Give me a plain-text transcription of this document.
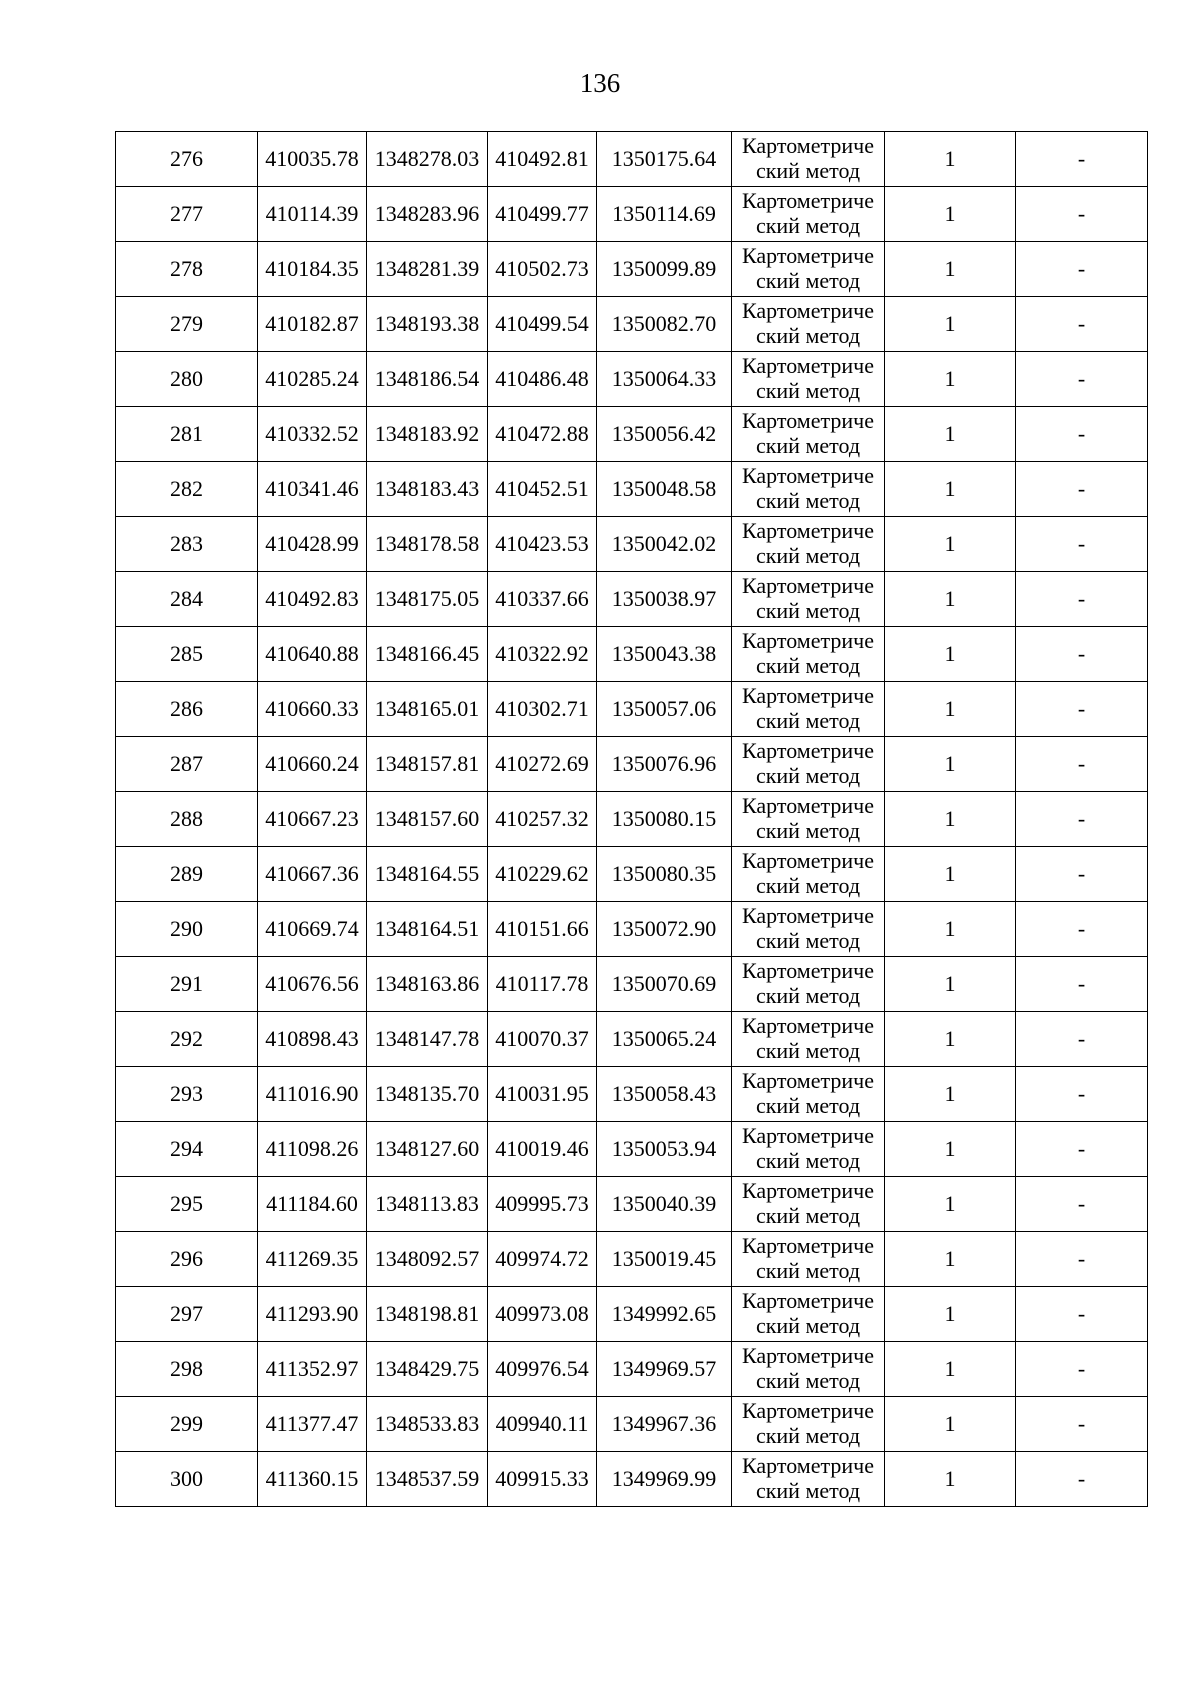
136
276	410035.78	1348278.03	410492.81	1350175.64	Картометриче
ский метод	1	-
277	410114.39	1348283.96	410499.77	1350114.69	Картометриче
ский метод	1	-
278	410184.35	1348281.39	410502.73	1350099.89	Картометриче
ский метод	1	-
279	410182.87	1348193.38	410499.54	1350082.70	Картометриче
ский метод	1	-
280	410285.24	1348186.54	410486.48	1350064.33	Картометриче
ский метод	1	-
281	410332.52	1348183.92	410472.88	1350056.42	Картометриче
ский метод	1	-
282	410341.46	1348183.43	410452.51	1350048.58	Картометриче
ский метод	1	-
283	410428.99	1348178.58	410423.53	1350042.02	Картометриче
ский метод	1	-
284	410492.83	1348175.05	410337.66	1350038.97	Картометриче
ский метод	1	-
285	410640.88	1348166.45	410322.92	1350043.38	Картометриче
ский метод	1	-
286	410660.33	1348165.01	410302.71	1350057.06	Картометриче
ский метод	1	-
287	410660.24	1348157.81	410272.69	1350076.96	Картометриче
ский метод	1	-
288	410667.23	1348157.60	410257.32	1350080.15	Картометриче
ский метод	1	-
289	410667.36	1348164.55	410229.62	1350080.35	Картометриче
ский метод	1	-
290	410669.74	1348164.51	410151.66	1350072.90	Картометриче
ский метод	1	-
291	410676.56	1348163.86	410117.78	1350070.69	Картометриче
ский метод	1	-
292	410898.43	1348147.78	410070.37	1350065.24	Картометриче
ский метод	1	-
293	411016.90	1348135.70	410031.95	1350058.43	Картометриче
ский метод	1	-
294	411098.26	1348127.60	410019.46	1350053.94	Картометриче
ский метод	1	-
295	411184.60	1348113.83	409995.73	1350040.39	Картометриче
ский метод	1	-
296	411269.35	1348092.57	409974.72	1350019.45	Картометриче
ский метод	1	-
297	411293.90	1348198.81	409973.08	1349992.65	Картометриче
ский метод	1	-
298	411352.97	1348429.75	409976.54	1349969.57	Картометриче
ский метод	1	-
299	411377.47	1348533.83	409940.11	1349967.36	Картометриче
ский метод	1	-
300	411360.15	1348537.59	409915.33	1349969.99	Картометриче
ский метод	1	-
